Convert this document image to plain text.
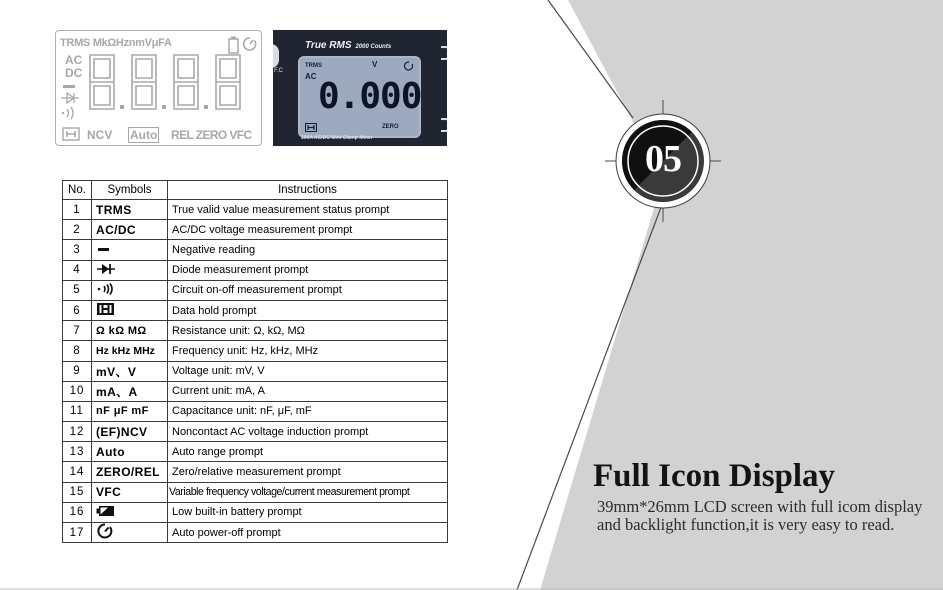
05
TRMS MkΩHznmVμFA
AC
DC
NCV Auto REL ZERO VFC
F.C
True RMS 2000 Counts
TRMS
AC
V
0.000
ZERO
100A AC/DC Mini Clamp Meter
No.	Symbols	Instructions
1	TRMS	True valid value measurement status prompt
2	AC/DC	AC/DC voltage measurement prompt
3		Negative reading
4		Diode measurement prompt
5		Circuit on-off measurement prompt
6		Data hold prompt
7	Ω kΩ MΩ	Resistance unit: Ω, kΩ, MΩ
8	Hz kHz MHz	Frequency unit: Hz, kHz, MHz
9	mV、V	Voltage unit: mV, V
10	mA、A	Current unit: mA, A
11	nF μF mF	Capacitance unit: nF, μF, mF
12	(EF)NCV	Noncontact AC voltage induction prompt
13	Auto	Auto range prompt
14	ZERO/REL	Zero/relative measurement prompt
15	VFC	Variable frequency voltage/current measurement prompt
16		Low built-in battery prompt
17		Auto power-off prompt
Full Icon Display
39mm*26mm LCD screen with full icom display and backlight function,it is very easy to read.
